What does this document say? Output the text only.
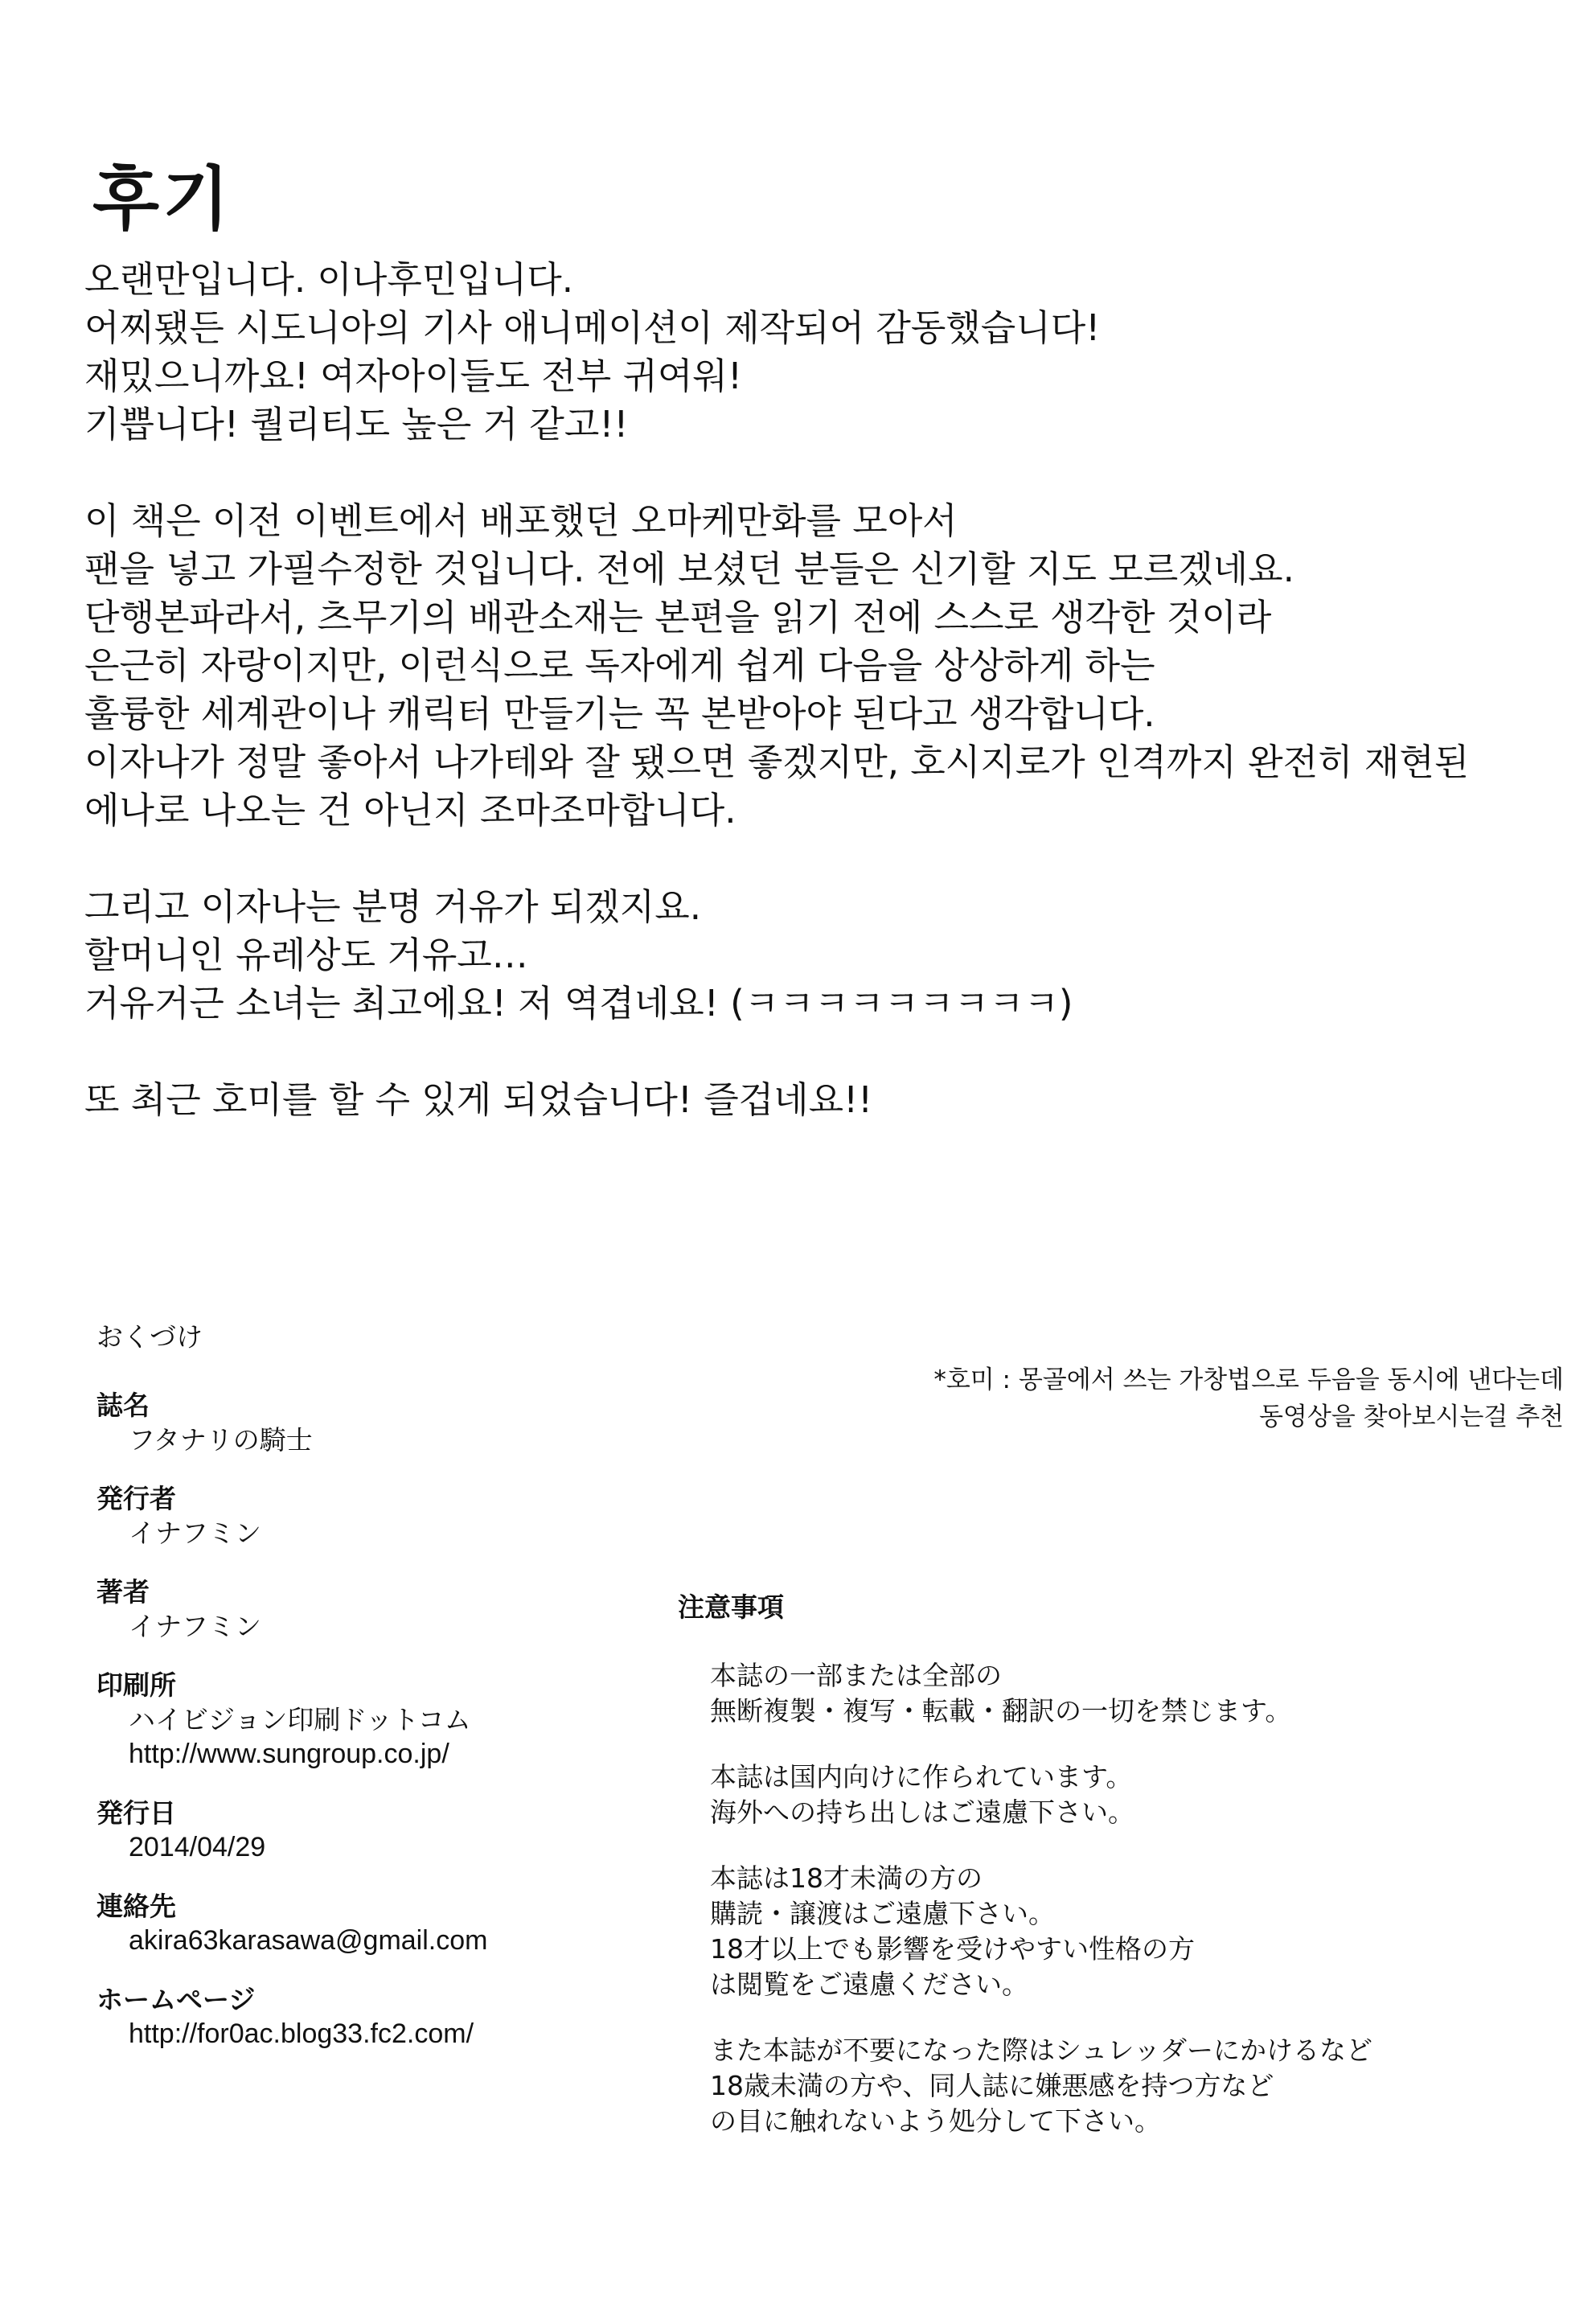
후기
오랜만입니다. 이나후민입니다.
어찌됐든 시도니아의 기사 애니메이션이 제작되어 감동했습니다!
재밌으니까요! 여자아이들도 전부 귀여워!
기쁩니다! 퀄리티도 높은 거 같고!!
이 책은 이전 이벤트에서 배포했던 오마케만화를 모아서
팬을 넣고 가필수정한 것입니다. 전에 보셨던 분들은 신기할 지도 모르겠네요.
단행본파라서, 츠무기의 배관소재는 본편을 읽기 전에 스스로 생각한 것이라
은근히 자랑이지만, 이런식으로 독자에게 쉽게 다음을 상상하게 하는
훌륭한 세계관이나 캐릭터 만들기는 꼭 본받아야 된다고 생각합니다.
이자나가 정말 좋아서 나가테와 잘 됐으면 좋겠지만, 호시지로가 인격까지 완전히 재현된
에나로 나오는 건 아닌지 조마조마합니다.
그리고 이자나는 분명 거유가 되겠지요.
할머니인 유레상도 거유고…
거유거근 소녀는 최고에요! 저 역겹네요! (ㅋㅋㅋㅋㅋㅋㅋㅋㅋ)
또 최근 호미를 할 수 있게 되었습니다! 즐겁네요!!
*호미 : 몽골에서 쓰는 가창법으로 두음을 동시에 낸다는데
동영상을 찾아보시는걸 추천
おくづけ
誌名
フタナリの騎士
発行者
イナフミン
著者
イナフミン
印刷所
ハイビジョン印刷ドットコム
http://www.sungroup.co.jp/
発行日
2014/04/29
連絡先
akira63karasawa@gmail.com
ホームページ
http://for0ac.blog33.fc2.com/
注意事項
本誌の一部または全部の
無断複製・複写・転載・翻訳の一切を禁じます。
本誌は国内向けに作られています。
海外への持ち出しはご遠慮下さい。
本誌は18才未満の方の
購読・譲渡はご遠慮下さい。
18才以上でも影響を受けやすい性格の方
は閲覧をご遠慮ください。
また本誌が不要になった際はシュレッダーにかけるなど
18歳未満の方や、同人誌に嫌悪感を持つ方など
の目に触れないよう処分して下さい。
